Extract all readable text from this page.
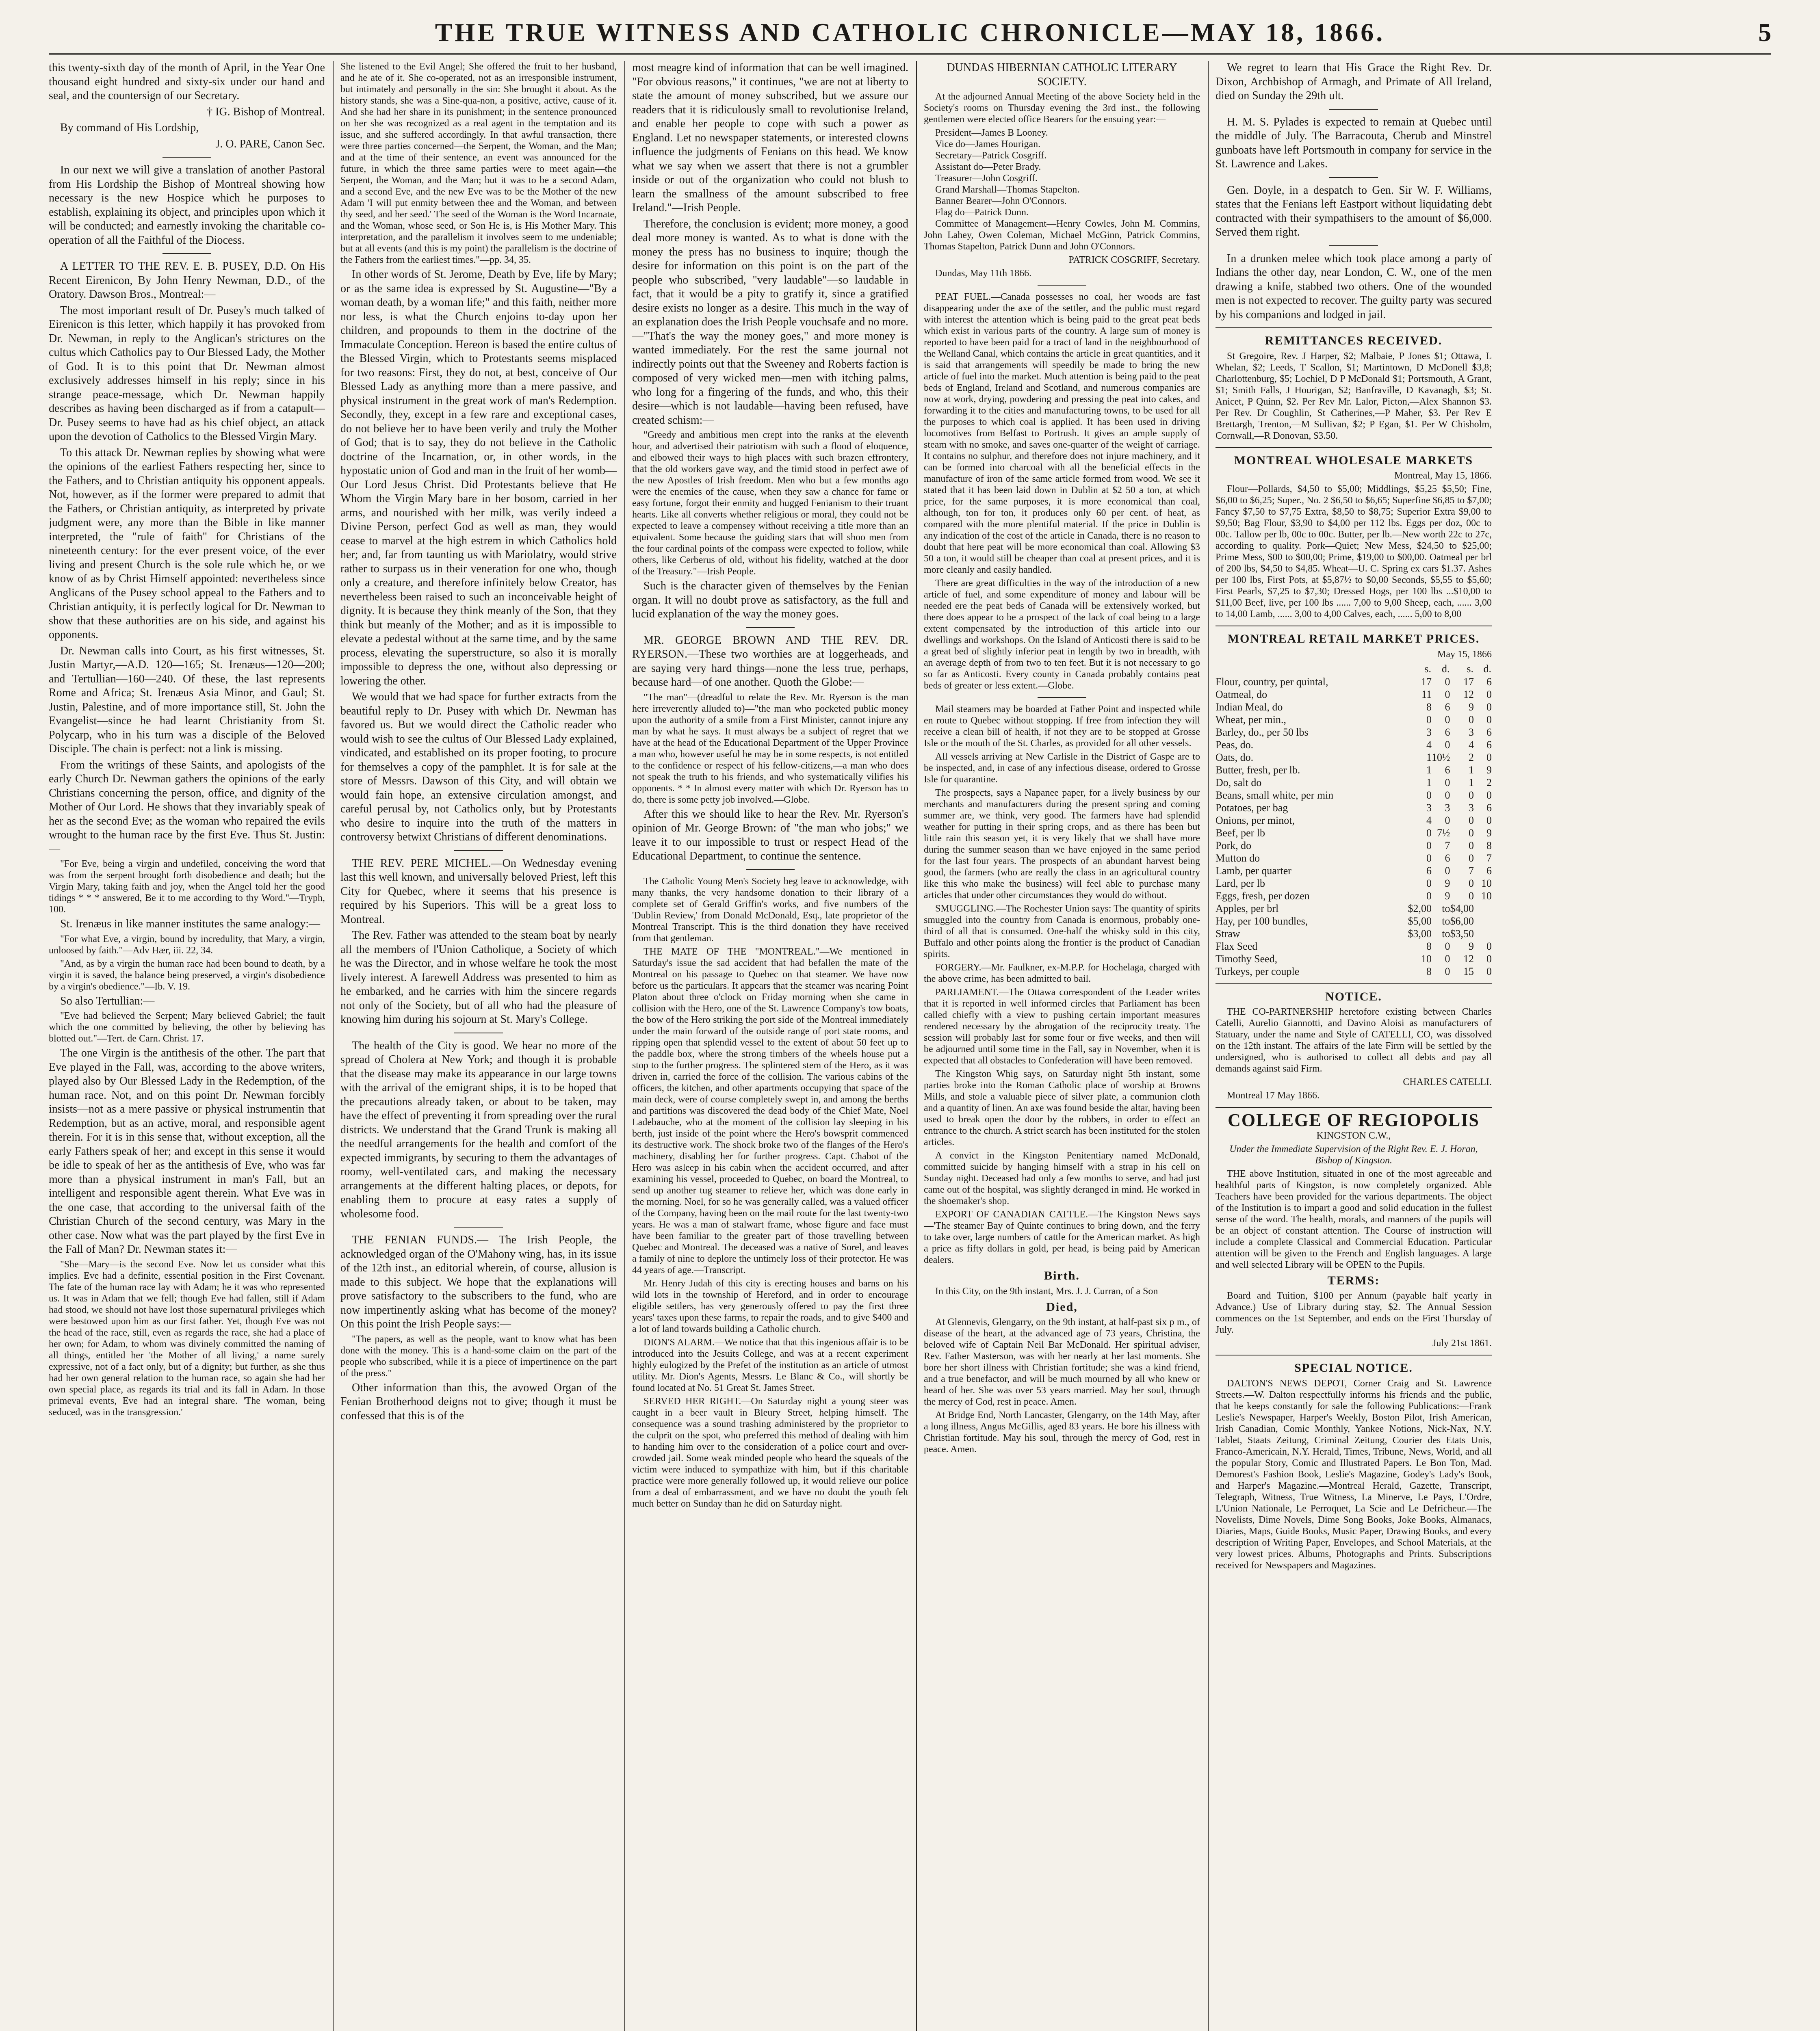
THE TRUE WITNESS AND CATHOLIC CHRONICLE—MAY 18, 1866.	5

this twenty-sixth day of the month of April, in the Year One thousand eight hundred and sixty-six under our hand and seal, and the countersign of our Secretary.

† IG. Bishop of Montreal.

By command of His Lordship,

J. O. PARE, Canon Sec.

In our next we will give a translation of another Pastoral from His Lordship the Bishop of Montreal showing how necessary is the new Hospice which he purposes to establish, explaining its object, and principles upon which it will be conducted; and earnestly invoking the charitable co-operation of all the Faithful of the Diocess.

A LETTER TO THE REV. E. B. PUSEY, D.D. On His Recent Eirenicon, By John Henry Newman, D.D., of the Oratory. Dawson Bros., Montreal:—

The most important result of Dr. Pusey's much talked of Eirenicon is this letter, which happily it has provoked from Dr. Newman, in reply to the Anglican's strictures on the cultus which Catholics pay to Our Blessed Lady, the Mother of God. It is to this point that Dr. Newman almost exclusively addresses himself in his reply; since in his strange peace-message, which Dr. Newman happily describes as having been discharged as if from a catapult—Dr. Pusey seems to have had as his chief object, an attack upon the devotion of Catholics to the Blessed Virgin Mary.

To this attack Dr. Newman replies by showing what were the opinions of the earliest Fathers respecting her, since to the Fathers, and to Christian antiquity his opponent appeals. Not, however, as if the former were prepared to admit that the Fathers, or Christian antiquity, as interpreted by private judgment were, any more than the Bible in like manner interpreted, the "rule of faith" for Christians of the nineteenth century: for the ever present voice, of the ever living and present Church is the sole rule which he, or we know of as by Christ Himself appointed: nevertheless since Anglicans of the Pusey school appeal to the Fathers and to Christian antiquity, it is perfectly logical for Dr. Newman to show that these authorities are on his side, and against his opponents.

Dr. Newman calls into Court, as his first witnesses, St. Justin Martyr,—A.D. 120—165; St. Irenæus—120—200; and Tertullian—160—240. Of these, the last represents Rome and Africa; St. Irenæus Asia Minor, and Gaul; St. Justin, Palestine, and of more importance still, St. John the Evangelist—since he had learnt Christianity from St. Polycarp, who in his turn was a disciple of the Beloved Disciple. The chain is perfect: not a link is missing.

From the writings of these Saints, and apologists of the early Church Dr. Newman gathers the opinions of the early Christians concerning the person, office, and dignity of the Mother of Our Lord. He shows that they invariably speak of her as the second Eve; as the woman who repaired the evils wrought to the human race by the first Eve. Thus St. Justin:—

"For Eve, being a virgin and undefiled, conceiving the word that was from the serpent brought forth disobedience and death; but the Virgin Mary, taking faith and joy, when the Angel told her the good tidings * * * answered, Be it to me according to thy Word."—Tryph, 100.

St. Irenæus in like manner institutes the same analogy:—

"For what Eve, a virgin, bound by incredulity, that Mary, a virgin, unloosed by faith."—Adv Hær, iii. 22, 34.

"And, as by a virgin the human race had been bound to death, by a virgin it is saved, the balance being preserved, a virgin's disobedience by a virgin's obedience."—Ib. V. 19.

So also Tertullian:—

"Eve had believed the Serpent; Mary believed Gabriel; the fault which the one committed by believing, the other by believing has blotted out."—Tert. de Carn. Christ. 17.

The one Virgin is the antithesis of the other. The part that Eve played in the Fall, was, according to the above writers, played also by Our Blessed Lady in the Redemption, of the human race. Not, and on this point Dr. Newman forcibly insists—not as a mere passive or physical instrumentin that Redemption, but as an active, moral, and responsible agent therein. For it is in this sense that, without exception, all the early Fathers speak of her; and except in this sense it would be idle to speak of her as the antithesis of Eve, who was far more than a physical instrument in man's Fall, but an intelligent and responsible agent therein. What Eve was in the one case, that according to the universal faith of the Christian Church of the second century, was Mary in the other case. Now what was the part played by the first Eve in the Fall of Man? Dr. Newman states it:—

"She—Mary—is the second Eve. Now let us consider what this implies. Eve had a definite, essential position in the First Covenant. The fate of the human race lay with Adam; he it was who represented us. It was in Adam that we fell; though Eve had fallen, still if Adam had stood, we should not have lost those supernatural privileges which were bestowed upon him as our first father. Yet, though Eve was not the head of the race, still, even as regards the race, she had a place of her own; for Adam, to whom was divinely committed the naming of all things, entitled her 'the Mother of all living,' a name surely expressive, not of a fact only, but of a dignity; but further, as she thus had her own general relation to the human race, so again she had her own special place, as regards its trial and its fall in Adam. In those primeval events, Eve had an integral share. 'The woman, being seduced, was in the transgression.'

She listened to the Evil Angel; She offered the fruit to her husband, and he ate of it. She co-operated, not as an irresponsible instrument, but intimately and personally in the sin: She brought it about. As the history stands, she was a Sine-qua-non, a positive, active, cause of it. And she had her share in its punishment; in the sentence pronounced on her she was recognized as a real agent in the temptation and its issue, and she suffered accordingly. In that awful transaction, there were three parties concerned—the Serpent, the Woman, and the Man; and at the time of their sentence, an event was announced for the future, in which the three same parties were to meet again—the Serpent, the Woman, and the Man; but it was to be a second Adam, and a second Eve, and the new Eve was to be the Mother of the new Adam 'I will put enmity between thee and the Woman, and between thy seed, and her seed.' The seed of the Woman is the Word Incarnate, and the Woman, whose seed, or Son He is, is His Mother Mary. This interpretation, and the parallelism it involves seem to me undeniable; but at all events (and this is my point) the parallelism is the doctrine of the Fathers from the earliest times."—pp. 34, 35.

In other words of St. Jerome, Death by Eve, life by Mary; or as the same idea is expressed by St. Augustine—"By a woman death, by a woman life;" and this faith, neither more nor less, is what the Church enjoins to-day upon her children, and propounds to them in the doctrine of the Immaculate Conception. Hereon is based the entire cultus of the Blessed Virgin, which to Protestants seems misplaced for two reasons: First, they do not, at best, conceive of Our Blessed Lady as anything more than a mere passive, and physical instrument in the great work of man's Redemption. Secondly, they, except in a few rare and exceptional cases, do not believe her to have been verily and truly the Mother of God; that is to say, they do not believe in the Catholic doctrine of the Incarnation, or, in other words, in the hypostatic union of God and man in the fruit of her womb—Our Lord Jesus Christ. Did Protestants believe that He Whom the Virgin Mary bare in her bosom, carried in her arms, and nourished with her milk, was verily indeed a Divine Person, perfect God as well as man, they would cease to marvel at the high estrem in which Catholics hold her; and, far from taunting us with Mariolatry, would strive rather to surpass us in their veneration for one who, though only a creature, and therefore infinitely below Creator, has nevertheless been raised to such an inconceivable height of dignity. It is because they think meanly of the Son, that they think but meanly of the Mother; and as it is impossible to elevate a pedestal without at the same time, and by the same process, elevating the superstructure, so also it is morally impossible to depress the one, without also depressing or lowering the other.

We would that we had space for further extracts from the beautiful reply to Dr. Pusey with which Dr. Newman has favored us. But we would direct the Catholic reader who would wish to see the cultus of Our Blessed Lady explained, vindicated, and established on its proper footing, to procure for themselves a copy of the pamphlet. It is for sale at the store of Messrs. Dawson of this City, and will obtain we would fain hope, an extensive circulation amongst, and careful perusal by, not Catholics only, but by Protestants who desire to inquire into the truth of the matters in controversy betwixt Christians of different denominations.

THE REV. PERE MICHEL.—On Wednesday evening last this well known, and universally beloved Priest, left this City for Quebec, where it seems that his presence is required by his Superiors. This will be a great loss to Montreal.

The Rev. Father was attended to the steam boat by nearly all the members of l'Union Catholique, a Society of which he was the Director, and in whose welfare he took the most lively interest. A farewell Address was presented to him as he embarked, and he carries with him the sincere regards not only of the Society, but of all who had the pleasure of knowing him during his sojourn at St. Mary's College.

The health of the City is good. We hear no more of the spread of Cholera at New York; and though it is probable that the disease may make its appearance in our large towns with the arrival of the emigrant ships, it is to be hoped that the precautions already taken, or about to be taken, may have the effect of preventing it from spreading over the rural districts. We understand that the Grand Trunk is making all the needful arrangements for the health and comfort of the expected immigrants, by securing to them the advantages of roomy, well-ventilated cars, and making the necessary arrangements at the different halting places, or depots, for enabling them to procure at easy rates a supply of wholesome food.

THE FENIAN FUNDS.— The Irish People, the acknowledged organ of the O'Mahony wing, has, in its issue of the 12th inst., an editorial wherein, of course, allusion is made to this subject. We hope that the explanations will prove satisfactory to the subscribers to the fund, who are now impertinently asking what has become of the money? On this point the Irish People says:—

"The papers, as well as the people, want to know what has been done with the money. This is a hand-some claim on the part of the people who subscribed, while it is a piece of impertinence on the part of the press."

Other information than this, the avowed Organ of the Fenian Brotherhood deigns not to give; though it must be confessed that this is of the

most meagre kind of information that can be well imagined. "For obvious reasons," it continues, "we are not at liberty to state the amount of money subscribed, but we assure our readers that it is ridiculously small to revolutionise Ireland, and enable her people to cope with such a power as England. Let no newspaper statements, or interested clowns influence the judgments of Fenians on this head. We know what we say when we assert that there is not a grumbler inside or out of the organization who could not blush to learn the smallness of the amount subscribed to free Ireland."—Irish People.

Therefore, the conclusion is evident; more money, a good deal more money is wanted. As to what is done with the money the press has no business to inquire; though the desire for information on this point is on the part of the people who subscribed, "very laudable"—so laudable in fact, that it would be a pity to gratify it, since a gratified desire exists no longer as a desire. This much in the way of an explanation does the Irish People vouchsafe and no more.—"That's the way the money goes," and more money is wanted immediately. For the rest the same journal not indirectly points out that the Sweeney and Roberts faction is composed of very wicked men—men with itching palms, who long for a fingering of the funds, and who, this their desire—which is not laudable—having been refused, have created schism:—

"Greedy and ambitious men crept into the ranks at the eleventh hour, and advertised their patriotism with such a flood of eloquence, and elbowed their ways to high places with such brazen effrontery, that the old workers gave way, and the timid stood in perfect awe of the new Apostles of Irish freedom. Men who but a few months ago were the enemies of the cause, when they saw a chance for fame or easy fortune, forgot their enmity and hugged Fenianism to their truant hearts. Like all converts whether religious or moral, they could not be expected to leave a compensey without receiving a title more than an equivalent. Some because the guiding stars that will shoo men from the four cardinal points of the compass were expected to follow, while others, like Cerberus of old, without his fidelity, watched at the door of the Treasury."—Irish People.

Such is the character given of themselves by the Fenian organ. It will no doubt prove as satisfactory, as the full and lucid explanation of the way the money goes.

MR. GEORGE BROWN AND THE REV. DR. RYERSON.—These two worthies are at loggerheads, and are saying very hard things—none the less true, perhaps, because hard—of one another. Quoth the Globe:—

"The man"—(dreadful to relate the Rev. Mr. Ryerson is the man here irreverently alluded to)—"the man who pocketed public money upon the authority of a smile from a First Minister, cannot injure any man by what he says. It must always be a subject of regret that we have at the head of the Educational Department of the Upper Province a man who, however useful he may be in some respects, is not entitled to the confidence or respect of his fellow-citizens,—a man who does not speak the truth to his friends, and who systematically vilifies his opponents. * * In almost every matter with which Dr. Ryerson has to do, there is some petty job involved.—Globe.

After this we should like to hear the Rev. Mr. Ryerson's opinion of Mr. George Brown: of "the man who jobs;" we leave it to our impossible to trust or respect Head of the Educational Department, to continue the sentence.

The Catholic Young Men's Society beg leave to acknowledge, with many thanks, the very handsome donation to their library of a complete set of Gerald Griffin's works, and five numbers of the 'Dublin Review,' from Donald McDonald, Esq., late proprietor of the Montreal Transcript. This is the third donation they have received from that gentleman.

THE MATE OF THE "MONTREAL."—We mentioned in Saturday's issue the sad accident that had befallen the mate of the Montreal on his passage to Quebec on that steamer. We have now before us the particulars. It appears that the steamer was nearing Point Platon about three o'clock on Friday morning when she came in collision with the Hero, one of the St. Lawrence Company's tow boats, the bow of the Hero striking the port side of the Montreal immediately under the main forward of the outside range of port state rooms, and ripping open that splendid vessel to the extent of about 50 feet up to the paddle box, where the strong timbers of the wheels house put a stop to the further progress. The splintered stem of the Hero, as it was driven in, carried the force of the collision. The various cabins of the officers, the kitchen, and other apartments occupying that space of the main deck, were of course completely swept in, and among the berths and partitions was discovered the dead body of the Chief Mate, Noel Ladebauche, who at the moment of the collision lay sleeping in his berth, just inside of the point where the Hero's bowsprit commenced its destructive work. The shock broke two of the flanges of the Hero's machinery, disabling her for further progress. Capt. Chabot of the Hero was asleep in his cabin when the accident occurred, and after examining his vessel, proceeded to Quebec, on board the Montreal, to send up another tug steamer to relieve her, which was done early in the morning. Noel, for so he was generally called, was a valued officer of the Company, having been on the mail route for the last twenty-two years. He was a man of stalwart frame, whose figure and face must have been familiar to the greater part of those travelling between Quebec and Montreal. The deceased was a native of Sorel, and leaves a family of nine to deplore the untimely loss of their protector. He was 44 years of age.—Transcript.

Mr. Henry Judah of this city is erecting houses and barns on his wild lots in the township of Hereford, and in order to encourage eligible settlers, has very generously offered to pay the first three years' taxes upon these farms, to repair the roads, and to give $400 and a lot of land towards building a Catholic church.

DION'S ALARM.—We notice that that this ingenious affair is to be introduced into the Jesuits College, and was at a recent experiment highly eulogized by the Prefet of the institution as an article of utmost utility. Mr. Dion's Agents, Messrs. Le Blanc & Co., will shortly be found located at No. 51 Great St. James Street.

SERVED HER RIGHT.—On Saturday night a young steer was caught in a beer vault in Bleury Street, helping himself. The consequence was a sound trashing administered by the proprietor to the culprit on the spot, who preferred this method of dealing with him to handing him over to the consideration of a police court and over-crowded jail. Some weak minded people who heard the squeals of the victim were induced to sympathize with him, but if this charitable practice were more generally followed up, it would relieve our police from a deal of embarrassment, and we have no doubt the youth felt much better on Sunday than he did on Saturday night.

DUNDAS HIBERNIAN CATHOLIC LITERARY SOCIETY.

At the adjourned Annual Meeting of the above Society held in the Society's rooms on Thursday evening the 3rd inst., the following gentlemen were elected office Bearers for the ensuing year:—

President—James B Looney.
Vice do—James Hourigan.
Secretary—Patrick Cosgriff.
Assistant do—Peter Brady.
Treasurer—John Cosgriff.
Grand Marshall—Thomas Stapelton.
Banner Bearer—John O'Connors.
Flag do—Patrick Dunn.

Committee of Management—Henry Cowles, John M. Commins, John Lahey, Owen Coleman, Michael McGinn, Patrick Commins, Thomas Stapelton, Patrick Dunn and John O'Connors.

PATRICK COSGRIFF, Secretary.

Dundas, May 11th 1866.

PEAT FUEL.—Canada possesses no coal, her woods are fast disappearing under the axe of the settler, and the public must regard with interest the attention which is being paid to the great peat beds which exist in various parts of the country. A large sum of money is reported to have been paid for a tract of land in the neighbourhood of the Welland Canal, which contains the article in great quantities, and it is said that arrangements will speedily be made to bring the new article of fuel into the market. Much attention is being paid to the peat beds of England, Ireland and Scotland, and numerous companies are now at work, drying, powdering and pressing the peat into cakes, and forwarding it to the cities and manufacturing towns, to be used for all the purposes to which coal is applied. It has been used in driving locomotives from Belfast to Portrush. It gives an ample supply of steam with no smoke, and saves one-quarter of the weight of carriage. It contains no sulphur, and therefore does not injure machinery, and it can be formed into charcoal with all the beneficial effects in the manufacture of iron of the same article formed from wood. We see it stated that it has been laid down in Dublin at $2 50 a ton, at which price, for the same purposes, it is more economical than coal, although, ton for ton, it produces only 60 per cent. of heat, as compared with the more plentiful material. If the price in Dublin is any indication of the cost of the article in Canada, there is no reason to doubt that here peat will be more economical than coal. Allowing $3 50 a ton, it would still be cheaper than coal at present prices, and it is more cleanly and easily handled.

There are great difficulties in the way of the introduction of a new article of fuel, and some expenditure of money and labour will be needed ere the peat beds of Canada will be extensively worked, but there does appear to be a prospect of the lack of coal being to a large extent compensated by the introduction of this article into our dwellings and workshops. On the Island of Anticosti there is said to be a great bed of slightly inferior peat in length by two in breadth, with an average depth of from two to ten feet. But it is not necessary to go so far as Anticosti. Every county in Canada probably contains peat beds of greater or less extent.—Globe.

Mail steamers may be boarded at Father Point and inspected while en route to Quebec without stopping. If free from infection they will receive a clean bill of health, if not they are to be stopped at Grosse Isle or the mouth of the St. Charles, as provided for all other vessels.

All vessels arriving at New Carlisle in the District of Gaspe are to be inspected, and, in case of any infectious disease, ordered to Grosse Isle for quarantine.

The prospects, says a Napanee paper, for a lively business by our merchants and manufacturers during the present spring and coming summer are, we think, very good. The farmers have had splendid weather for putting in their spring crops, and as there has been but little rain this season yet, it is very likely that we shall have more during the summer season than we have enjoyed in the same period for the last four years. The prospects of an abundant harvest being good, the farmers (who are really the class in an agricultural country like this who make the business) will feel able to purchase many articles that under other circumstances they would do without.

SMUGGLING.—The Rochester Union says: The quantity of spirits smuggled into the country from Canada is enormous, probably one-third of all that is consumed. One-half the whisky sold in this city, Buffalo and other points along the frontier is the product of Canadian spirits.

FORGERY.—Mr. Faulkner, ex-M.P.P. for Hochelaga, charged with the above crime, has been admitted to bail.

PARLIAMENT.—The Ottawa correspondent of the Leader writes that it is reported in well informed circles that Parliament has been called chiefly with a view to pushing certain important measures rendered necessary by the abrogation of the reciprocity treaty. The session will probably last for some four or five weeks, and then will be adjourned until some time in the Fall, say in November, when it is expected that all obstacles to Confederation will have been removed.

The Kingston Whig says, on Saturday night 5th instant, some parties broke into the Roman Catholic place of worship at Browns Mills, and stole a valuable piece of silver plate, a communion cloth and a quantity of linen. An axe was found beside the altar, having been used to break open the door by the robbers, in order to effect an entrance to the church. A strict search has been instituted for the stolen articles.

A convict in the Kingston Penitentiary named McDonald, committed suicide by hanging himself with a strap in his cell on Sunday night. Deceased had only a few months to serve, and had just came out of the hospital, was slightly deranged in mind. He worked in the shoemaker's shop.

EXPORT OF CANADIAN CATTLE.—The Kingston News says—'The steamer Bay of Quinte continues to bring down, and the ferry to take over, large numbers of cattle for the American market. As high a price as fifty dollars in gold, per head, is being paid by American dealers.

Birth.

In this City, on the 9th instant, Mrs. J. J. Curran, of a Son

Died,

At Glennevis, Glengarry, on the 9th instant, at half-past six p m., of disease of the heart, at the advanced age of 73 years, Christina, the beloved wife of Captain Neil Bar McDonald. Her spiritual adviser, Rev. Father Masterson, was with her nearly at her last moments. She bore her short illness with Christian fortitude; she was a kind friend, and a true benefactor, and will be much mourned by all who knew or heard of her. She was over 53 years married. May her soul, through the mercy of God, rest in peace. Amen.

At Bridge End, North Lancaster, Glengarry, on the 14th May, after a long illness, Angus McGillis, aged 83 years. He bore his illness with Christian fortitude. May his soul, through the mercy of God, rest in peace. Amen.

We regret to learn that His Grace the Right Rev. Dr. Dixon, Archbishop of Armagh, and Primate of All Ireland, died on Sunday the 29th ult.

H. M. S. Pylades is expected to remain at Quebec until the middle of July. The Barracouta, Cherub and Minstrel gunboats have left Portsmouth in company for service in the St. Lawrence and Lakes.

Gen. Doyle, in a despatch to Gen. Sir W. F. Williams, states that the Fenians left Eastport without liquidating debt contracted with their sympathisers to the amount of $6,000. Served them right.

In a drunken melee which took place among a party of Indians the other day, near London, C. W., one of the men drawing a knife, stabbed two others. One of the wounded men is not expected to recover. The guilty party was secured by his companions and lodged in jail.

REMITTANCES RECEIVED.

St Gregoire, Rev. J Harper, $2; Malbaie, P Jones $1; Ottawa, L Whelan, $2; Leeds, T Scallon, $1; Martintown, D McDonell $3,8; Charlottenburg, $5; Lochiel, D P McDonald $1; Portsmouth, A Grant, $1; Smith Falls, J Hourigan, $2; Banfraville, D Kavanagh, $3; St. Anicet, P Quinn, $2. Per Rev Mr. Lalor, Picton,—Alex Shannon $3. Per Rev. Dr Coughlin, St Catherines,—P Maher, $3. Per Rev E Brettargh, Trenton,—M Sullivan, $2; P Egan, $1. Per W Chisholm, Cornwall,—R Donovan, $3.50.

MONTREAL WHOLESALE MARKETS

Montreal, May 15, 1866.

Flour—Pollards, $4,50 to $5,00; Middlings, $5,25 $5,50; Fine, $6,00 to $6,25; Super., No. 2 $6,50 to $6,65; Superfine $6,85 to $7,00; Fancy $7,50 to $7,75 Extra, $8,50 to $8,75; Superior Extra $9,00 to $9,50; Bag Flour, $3,90 to $4,00 per 112 lbs. Eggs per doz, 00c to 00c. Tallow per lb, 00c to 00c. Butter, per lb.—New worth 22c to 27c, according to quality. Pork—Quiet; New Mess, $24,50 to $25,00; Prime Mess, $00 to $00,00; Prime, $19,00 to $00,00. Oatmeal per brl of 200 lbs, $4,50 to $4,85. Wheat—U. C. Spring ex cars $1.37. Ashes per 100 lbs, First Pots, at $5,87½ to $0,00 Seconds, $5,55 to $5,60; First Pearls, $7,25 to $7,30; Dressed Hogs, per 100 lbs ...$10,00 to $11,00 Beef, live, per 100 lbs ...... 7,00 to 9,00 Sheep, each, ...... 3,00 to 14,00 Lamb, ...... 3,00 to 4,00 Calves, each, ...... 5,00 to 8,00

MONTREAL RETAIL MARKET PRICES.

May 15, 1866

	s.	d.	s.	d.
Flour, country, per quintal,	17	0	17	6
Oatmeal, do	11	0	12	0
Indian Meal, do	8	6	9	0
Wheat, per min.,	0	0	0	0
Barley, do., per 50 lbs	3	6	3	6
Peas, do.	4	0	4	6
Oats, do.	1	10½	2	0
Butter, fresh, per lb.	1	6	1	9
Do, salt do	1	0	1	2
Beans, small white, per min	0	0	0	0
Potatoes, per bag	3	3	3	6
Onions, per minot,	4	0	0	0
Beef, per lb	0	7½	0	9
Pork, do	0	7	0	8
Mutton do	0	6	0	7
Lamb, per quarter	6	0	7	6
Lard, per lb	0	9	0	10
Eggs, fresh, per dozen	0	9	0	10
Apples, per brl	$2,00	to	$4,00	
Hay, per 100 bundles,	$5,00	to	$6,00	
Straw	$3,00	to	$3,50	
Flax Seed	8	0	9	0
Timothy Seed,	10	0	12	0
Turkeys, per couple	8	0	15	0
NOTICE.

THE CO-PARTNERSHIP heretofore existing between Charles Catelli, Aurelio Giannotti, and Davino Aloisi as manufacturers of Statuary, under the name and Style of CATELLI, CO, was dissolved on the 12th instant. The affairs of the late Firm will be settled by the undersigned, who is authorised to collect all debts and pay all demands against said Firm.

CHARLES CATELLI.

Montreal 17 May 1866.

COLLEGE OF REGIOPOLIS

KINGSTON C.W.,

Under the Immediate Supervision of the Right Rev. E. J. Horan, Bishop of Kingston.

THE above Institution, situated in one of the most agreeable and healthful parts of Kingston, is now completely organized. Able Teachers have been provided for the various departments. The object of the Institution is to impart a good and solid education in the fullest sense of the word. The health, morals, and manners of the pupils will be an object of constant attention. The Course of instruction will include a complete Classical and Commercial Education. Particular attention will be given to the French and English languages. A large and well selected Library will be OPEN to the Pupils.

TERMS:

Board and Tuition, $100 per Annum (payable half yearly in Advance.) Use of Library during stay, $2. The Annual Session commences on the 1st September, and ends on the First Thursday of July.

July 21st 1861.

SPECIAL NOTICE.

DALTON'S NEWS DEPOT, Corner Craig and St. Lawrence Streets.—W. Dalton respectfully informs his friends and the public, that he keeps constantly for sale the following Publications:—Frank Leslie's Newspaper, Harper's Weekly, Boston Pilot, Irish American, Irish Canadian, Comic Monthly, Yankee Notions, Nick-Nax, N.Y. Tablet, Staats Zeitung, Criminal Zeitung, Courier des Etats Unis, Franco-Americain, N.Y. Herald, Times, Tribune, News, World, and all the popular Story, Comic and Illustrated Papers. Le Bon Ton, Mad. Demorest's Fashion Book, Leslie's Magazine, Godey's Lady's Book, and Harper's Magazine.—Montreal Herald, Gazette, Transcript, Telegraph, Witness, True Witness, La Minerve, Le Pays, L'Ordre, L'Union Nationale, Le Perroquet, La Scie and Le Defricheur.—The Novelists, Dime Novels, Dime Song Books, Joke Books, Almanacs, Diaries, Maps, Guide Books, Music Paper, Drawing Books, and every description of Writing Paper, Envelopes, and School Materials, at the very lowest prices. Albums, Photographs and Prints. Subscriptions received for Newspapers and Magazines.
